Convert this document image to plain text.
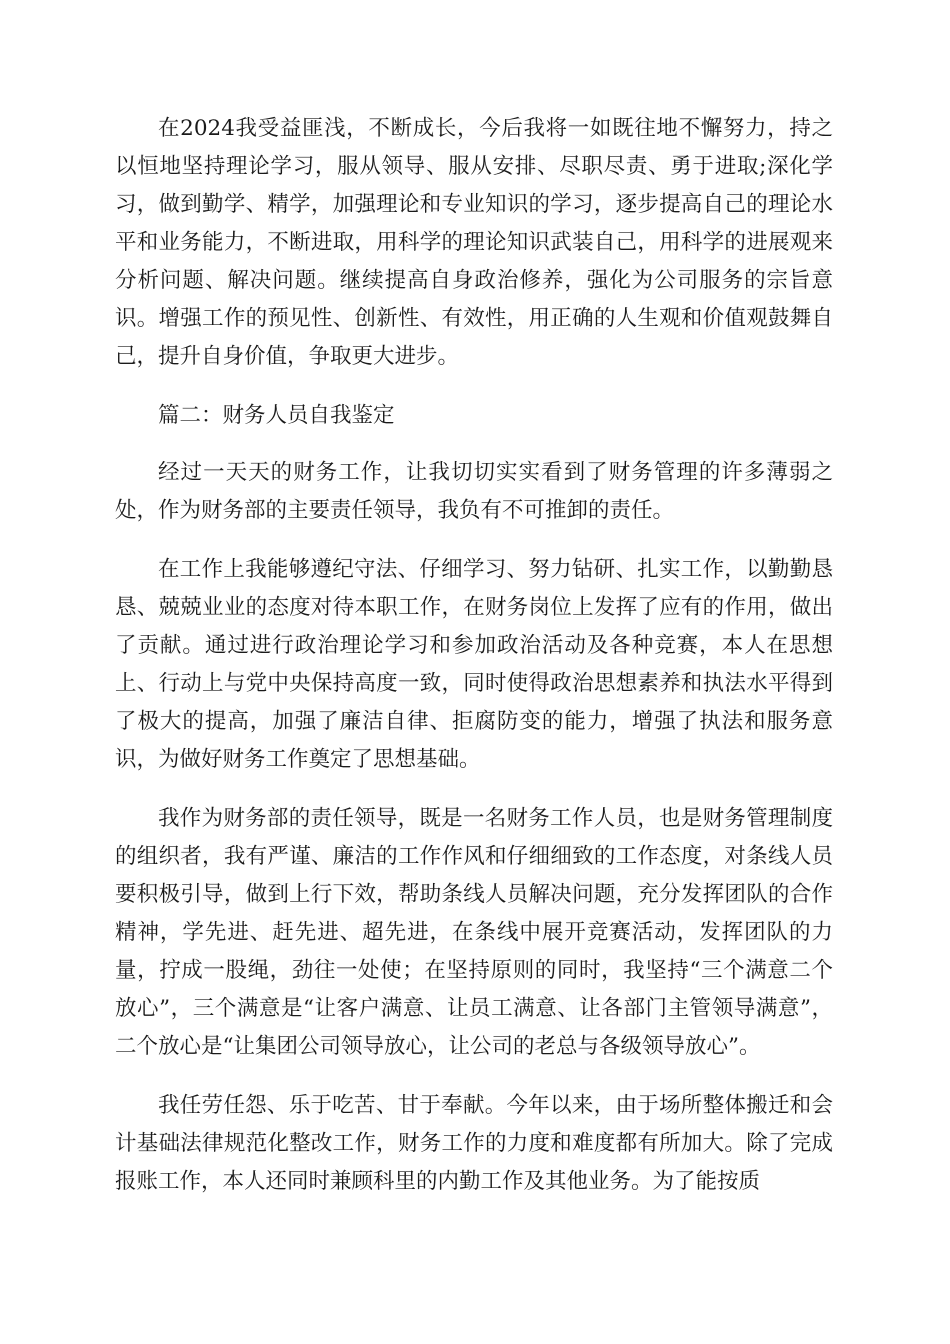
在2024我受益匪浅，不断成长，今后我将一如既往地不懈努力，持之以恒地坚持理论学习，服从领导、服从安排、尽职尽责、勇于进取;深化学习，做到勤学、精学，加强理论和专业知识的学习，逐步提高自己的理论水平和业务能力，不断进取，用科学的理论知识武装自己，用科学的进展观来分析问题、解决问题。继续提高自身政治修养，强化为公司服务的宗旨意识。增强工作的预见性、创新性、有效性，用正确的人生观和价值观鼓舞自己，提升自身价值，争取更大进步。

篇二：财务人员自我鉴定

经过一天天的财务工作，让我切切实实看到了财务管理的许多薄弱之处，作为财务部的主要责任领导，我负有不可推卸的责任。

在工作上我能够遵纪守法、仔细学习、努力钻研、扎实工作，以勤勤恳恳、兢兢业业的态度对待本职工作，在财务岗位上发挥了应有的作用，做出了贡献。通过进行政治理论学习和参加政治活动及各种竞赛，本人在思想上、行动上与党中央保持高度一致，同时使得政治思想素养和执法水平得到了极大的提高，加强了廉洁自律、拒腐防变的能力，增强了执法和服务意识，为做好财务工作奠定了思想基础。

我作为财务部的责任领导，既是一名财务工作人员，也是财务管理制度的组织者，我有严谨、廉洁的工作作风和仔细细致的工作态度，对条线人员要积极引导，做到上行下效，帮助条线人员解决问题，充分发挥团队的合作精神，学先进、赶先进、超先进，在条线中展开竞赛活动，发挥团队的力量，拧成一股绳，劲往一处使；在坚持原则的同时，我坚持“三个满意二个放心”，三个满意是“让客户满意、让员工满意、让各部门主管领导满意”，二个放心是“让集团公司领导放心，让公司的老总与各级领导放心”。

我任劳任怨、乐于吃苦、甘于奉献。今年以来，由于场所整体搬迁和会计基础法律规范化整改工作，财务工作的力度和难度都有所加大。除了完成报账工作，本人还同时兼顾科里的内勤工作及其他业务。为了能按质
